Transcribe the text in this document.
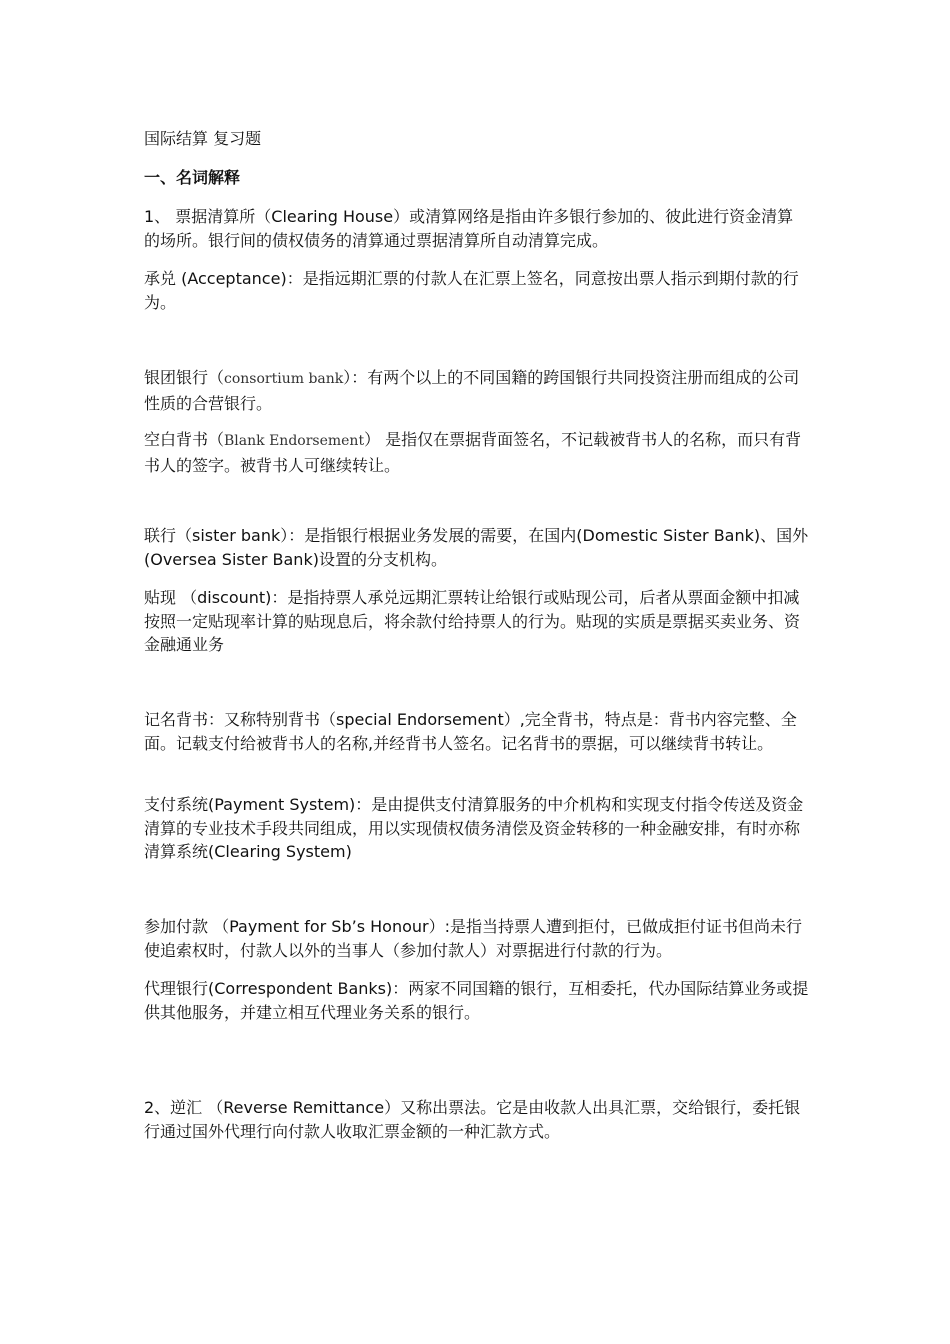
国际结算 复习题

一、名词解释

1、 票据清算所（Clearing House）或清算网络是指由许多银行参加的、彼此进行资金清算的场所。银行间的债权债务的清算通过票据清算所自动清算完成。

承兑 (Acceptance)：是指远期汇票的付款人在汇票上签名，同意按出票人指示到期付款的行为。

银团银行（consortium bank）：有两个以上的不同国籍的跨国银行共同投资注册而组成的公司性质的合营银行。

空白背书（Blank Endorsement） 是指仅在票据背面签名，不记载被背书人的名称，而只有背书人的签字。被背书人可继续转让。

联行（sister bank）：是指银行根据业务发展的需要，在国内(Domestic Sister Bank)、国外(Oversea Sister Bank)设置的分支机构。

贴现 （discount)：是指持票人承兑远期汇票转让给银行或贴现公司，后者从票面金额中扣减按照一定贴现率计算的贴现息后，将余款付给持票人的行为。贴现的实质是票据买卖业务、资金融通业务

记名背书：又称特别背书（special Endorsement）,完全背书，特点是：背书内容完整、全面。记载支付给被背书人的名称,并经背书人签名。记名背书的票据，可以继续背书转让。

支付系统(Payment System)：是由提供支付清算服务的中介机构和实现支付指令传送及资金清算的专业技术手段共同组成，用以实现债权债务清偿及资金转移的一种金融安排，有时亦称清算系统(Clearing System)

参加付款 （Payment for Sb’s Honour）:是指当持票人遭到拒付，已做成拒付证书但尚未行使追索权时，付款人以外的当事人（参加付款人）对票据进行付款的行为。

代理银行(Correspondent Banks)：两家不同国籍的银行，互相委托，代办国际结算业务或提供其他服务，并建立相互代理业务关系的银行。

2、逆汇 （Reverse Remittance）又称出票法。它是由收款人出具汇票，交给银行，委托银行通过国外代理行向付款人收取汇票金额的一种汇款方式。
